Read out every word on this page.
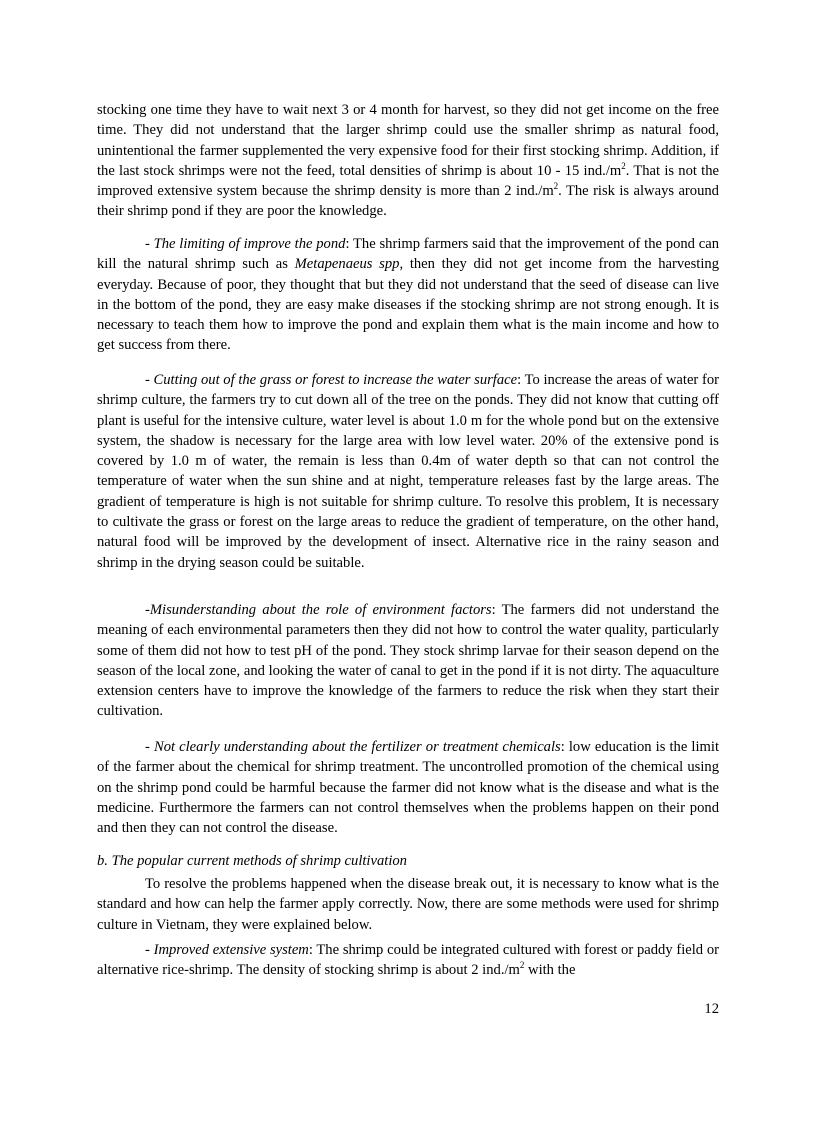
stocking one time they have to wait next 3 or 4 month for harvest, so they did not get income on the free time. They did not understand that the larger shrimp could use the smaller shrimp as natural food, unintentional the farmer supplemented the very expensive food for their first stocking shrimp. Addition, if the last stock shrimps were not the feed, total densities of shrimp is about 10 - 15 $ind./m^2$. That is not the improved extensive system because the shrimp density is more than 2 $ind./m^2$. The risk is always around their shrimp pond if they are poor the knowledge.

- The limiting of improve the pond: The shrimp farmers said that the improvement of the pond can kill the natural shrimp such as Metapenaeus spp, then they did not get income from the harvesting everyday. Because of poor, they thought that but they did not understand that the seed of disease can live in the bottom of the pond, they are easy make diseases if the stocking shrimp are not strong enough. It is necessary to teach them how to improve the pond and explain them what is the main income and how to get success from there.

- Cutting out of the grass or forest to increase the water surface: To increase the areas of water for shrimp culture, the farmers try to cut down all of the tree on the ponds. They did not know that cutting off plant is useful for the intensive culture, water level is about 1.0 m for the whole pond but on the extensive system, the shadow is necessary for the large area with low level water. 20% of the extensive pond is covered by 1.0 m of water, the remain is less than 0.4m of water depth so that can not control the temperature of water when the sun shine and at night, temperature releases fast by the large areas. The gradient of temperature is high is not suitable for shrimp culture. To resolve this problem, It is necessary to cultivate the grass or forest on the large areas to reduce the gradient of temperature, on the other hand, natural food will be improved by the development of insect. Alternative rice in the rainy season and shrimp in the drying season could be suitable.

-Misunderstanding about the role of environment factors: The farmers did not understand the meaning of each environmental parameters then they did not how to control the water quality, particularly some of them did not how to test pH of the pond. They stock shrimp larvae for their season depend on the season of the local zone, and looking the water of canal to get in the pond if it is not dirty. The aquaculture extension centers have to improve the knowledge of the farmers to reduce the risk when they start their cultivation.

- Not clearly understanding about the fertilizer or treatment chemicals: low education is the limit of the farmer about the chemical for shrimp treatment. The uncontrolled promotion of the chemical using on the shrimp pond could be harmful because the farmer did not know what is the disease and what is the medicine. Furthermore the farmers can not control themselves when the problems happen on their pond and then they can not control the disease.

b. The popular current methods of shrimp cultivation

To resolve the problems happened when the disease break out, it is necessary to know what is the standard and how can help the farmer apply correctly. Now, there are some methods were used for shrimp culture in Vietnam, they were explained below.

- Improved extensive system: The shrimp could be integrated cultured with forest or paddy field or alternative rice-shrimp. The density of stocking shrimp is about 2 $ind./m^2$ with the

12
